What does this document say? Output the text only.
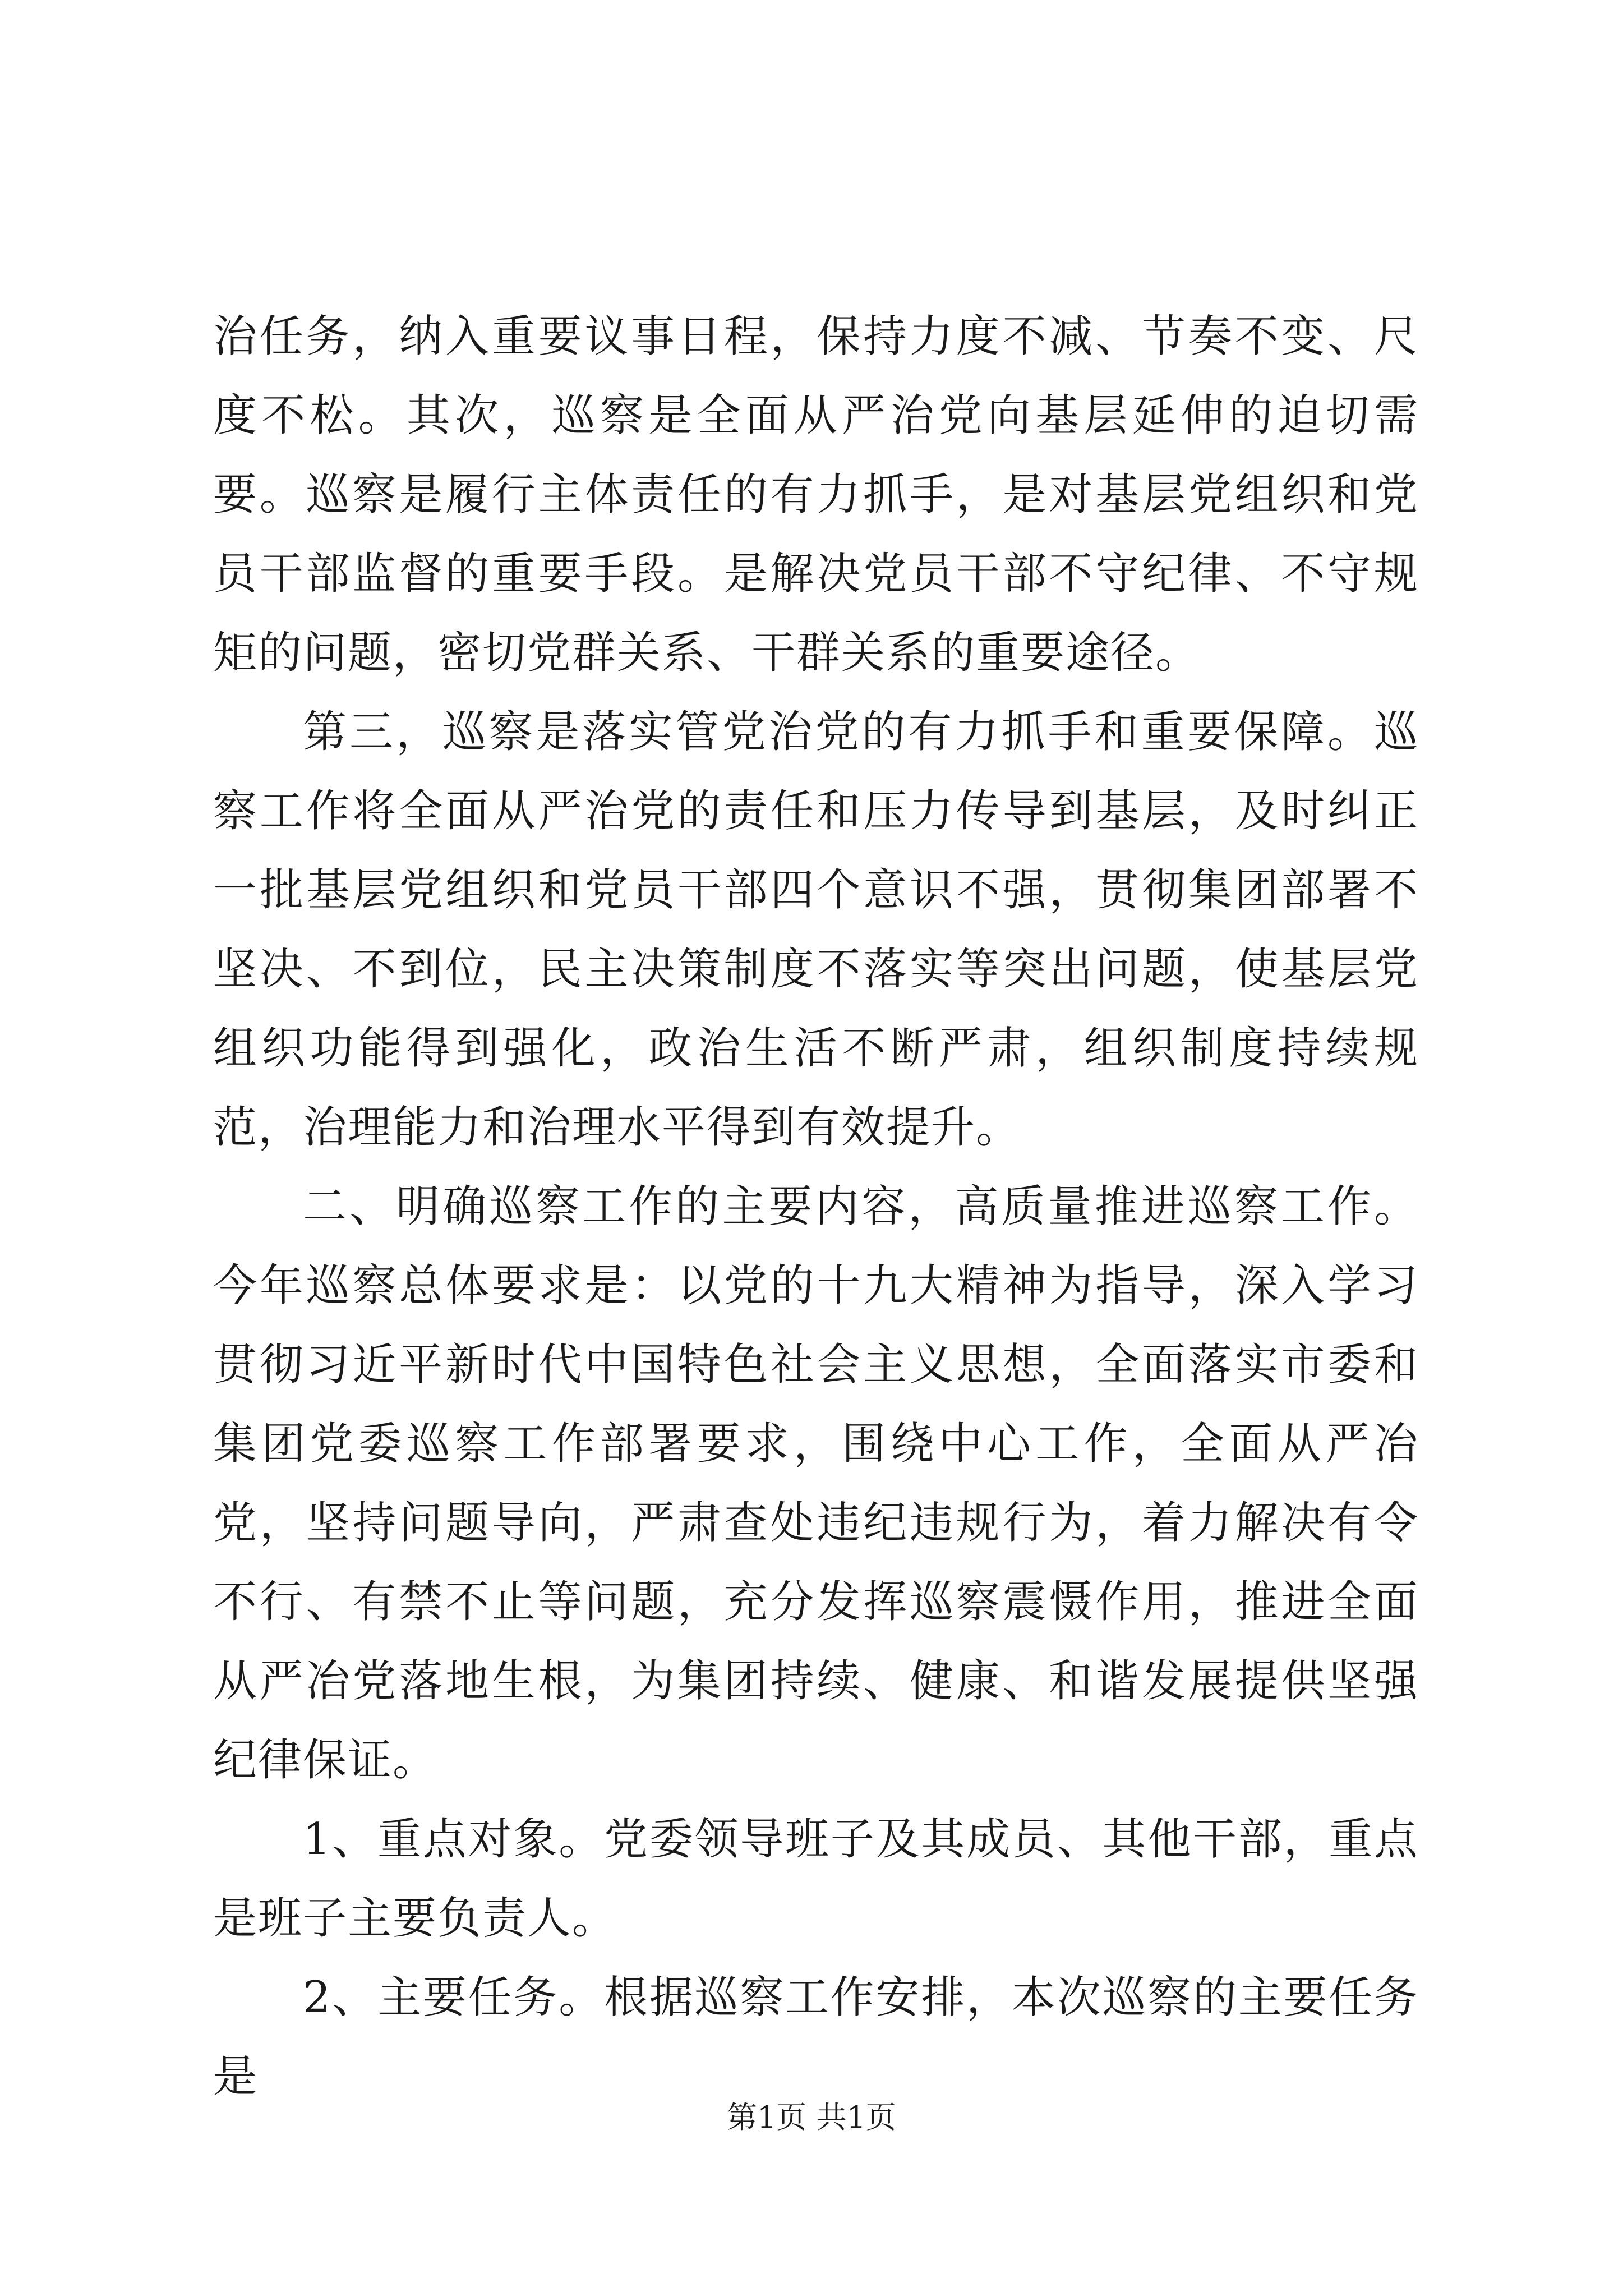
治任务，纳入重要议事日程，保持力度不减、节奏不变、尺度不松。其次，巡察是全面从严治党向基层延伸的迫切需要。巡察是履行主体责任的有力抓手，是对基层党组织和党员干部监督的重要手段。是解决党员干部不守纪律、不守规矩的问题，密切党群关系、干群关系的重要途径。

第三，巡察是落实管党治党的有力抓手和重要保障。巡察工作将全面从严治党的责任和压力传导到基层，及时纠正一批基层党组织和党员干部四个意识不强，贯彻集团部署不坚决、不到位，民主决策制度不落实等突出问题，使基层党组织功能得到强化，政治生活不断严肃，组织制度持续规范，治理能力和治理水平得到有效提升。

二、明确巡察工作的主要内容，高质量推进巡察工作。今年巡察总体要求是：以党的十九大精神为指导，深入学习贯彻习近平新时代中国特色社会主义思想，全面落实市委和集团党委巡察工作部署要求，围绕中心工作，全面从严冶党，坚持问题导向，严肃查处违纪违规行为，着力解决有令不行、有禁不止等问题，充分发挥巡察震慑作用，推进全面从严冶党落地生根，为集团持续、健康、和谐发展提供坚强纪律保证。

1、重点对象。党委领导班子及其成员、其他干部，重点是班子主要负责人。

2、主要任务。根据巡察工作安排，本次巡察的主要任务是

第1页 共1页
